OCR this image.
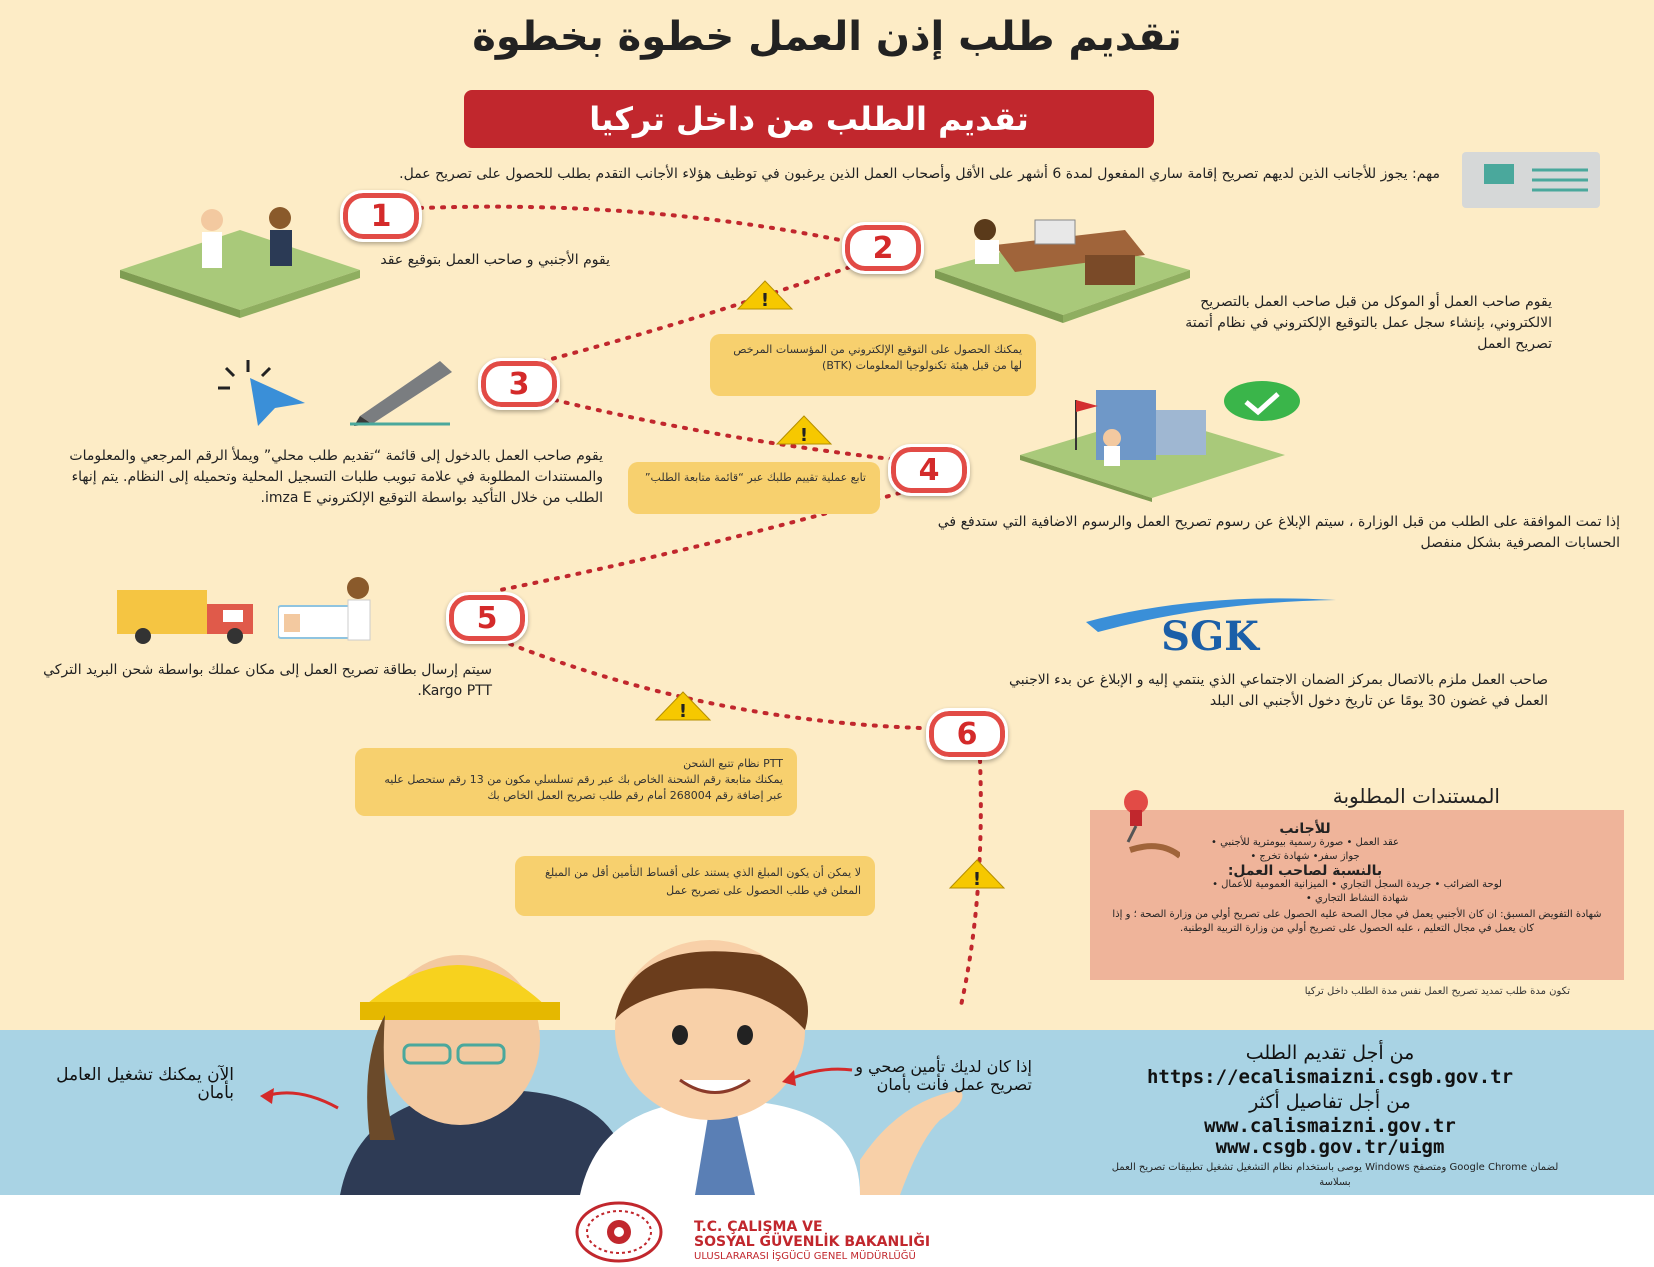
تقديم طلب إذن العمل خطوة بخطوة
تقديم الطلب من داخل تركيا
مهم: يجوز للأجانب الذين لديهم تصريح إقامة ساري المفعول لمدة 6 أشهر على الأقل وأصحاب العمل الذين يرغبون في توظيف هؤلاء الأجانب التقدم بطلب للحصول على تصريح عمل.
1
يقوم الأجنبي و صاحب العمل بتوقيع عقد	2
يقوم صاحب العمل أو الموكل من قبل صاحب العمل بالتصريح الالكتروني، بإنشاء سجل عمل بالتوقيع الإلكتروني في نظام أتمتة تصريح العمل
!
!
!
!
يمكنك الحصول على التوقيع الإلكتروني من المؤسسات المرخص لها من قبل هيئة تكنولوجيا المعلومات (BTK)
3
يقوم صاحب العمل بالدخول إلى قائمة “تقديم طلب محلي” ويملأ الرقم المرجعي والمعلومات والمستندات المطلوبة في علامة تبويب طلبات التسجيل المحلية وتحميله إلى النظام. يتم إنهاء الطلب من خلال التأكيد بواسطة التوقيع الإلكتروني imza E.
تابع عملية تقييم طلبك عبر “قائمة متابعة الطلب”	4
إذا تمت الموافقة على الطلب من قبل الوزارة ، سيتم الإبلاغ عن رسوم تصريح العمل والرسوم الاضافية التي ستدفع في الحسابات المصرفية بشكل منفصل
5
سيتم إرسال بطاقة تصريح العمل إلى مكان عملك بواسطة شحن البريد التركي Kargo PTT.
SGK
6
صاحب العمل ملزم بالاتصال بمركز الضمان الاجتماعي الذي ينتمي إليه و الإبلاغ عن بدء الاجنبي العمل في غضون 30 يومًا عن تاريخ دخول الأجنبي الى البلد
PTT نظام تتبع الشحن
يمكنك متابعة رقم الشحنة الخاص بك عبر رقم تسلسلي مكون من 13 رقم ستحصل عليه عبر إضافة رقم 268004 أمام رقم طلب تصريح العمل الخاص بك
لا يمكن أن يكون المبلغ الذي يستند على أقساط التأمين أقل من المبلغ المعلن في طلب الحصول على تصريح عمل
المستندات المطلوبة
للأجانب
عقد العمل • صورة رسمية بيومترية للأجنبي •
جواز سفر• شهادة تخرج •
بالنسبة لصاحب العمل:
لوحة الضرائب • جريدة السجل التجاري • الميزانية العمومية للأعمال •
شهادة النشاط التجاري •
شهادة التفويض المسبق: ان كان الأجنبي يعمل في مجال الصحة عليه الحصول على تصريح أولي من وزارة الصحة ؛ و إذا كان يعمل في مجال التعليم ، عليه الحصول على تصريح أولي من وزارة التربية الوطنية.
تكون مدة طلب تمديد تصريح العمل نفس مدة الطلب داخل تركيا
الآن يمكنك تشغيل العامل بأمان
إذا كان لديك تأمين صحي و تصريح عمل فأنت بأمان
من أجل تقديم الطلب
https://ecalismaizni.csgb.gov.tr
من أجل تفاصيل أكثر
www.calismaizni.gov.tr
www.csgb.gov.tr/uigm
لضمان Google Chrome ومتصفح Windows يوصى باستخدام نظام التشغيل تشغيل تطبيقات تصريح العمل بسلاسة
T.C. ÇALIŞMA VE
SOSYAL GÜVENLİK BAKANLIĞI
ULUSLARARASI İŞGÜCÜ GENEL MÜDÜRLÜĞÜ
